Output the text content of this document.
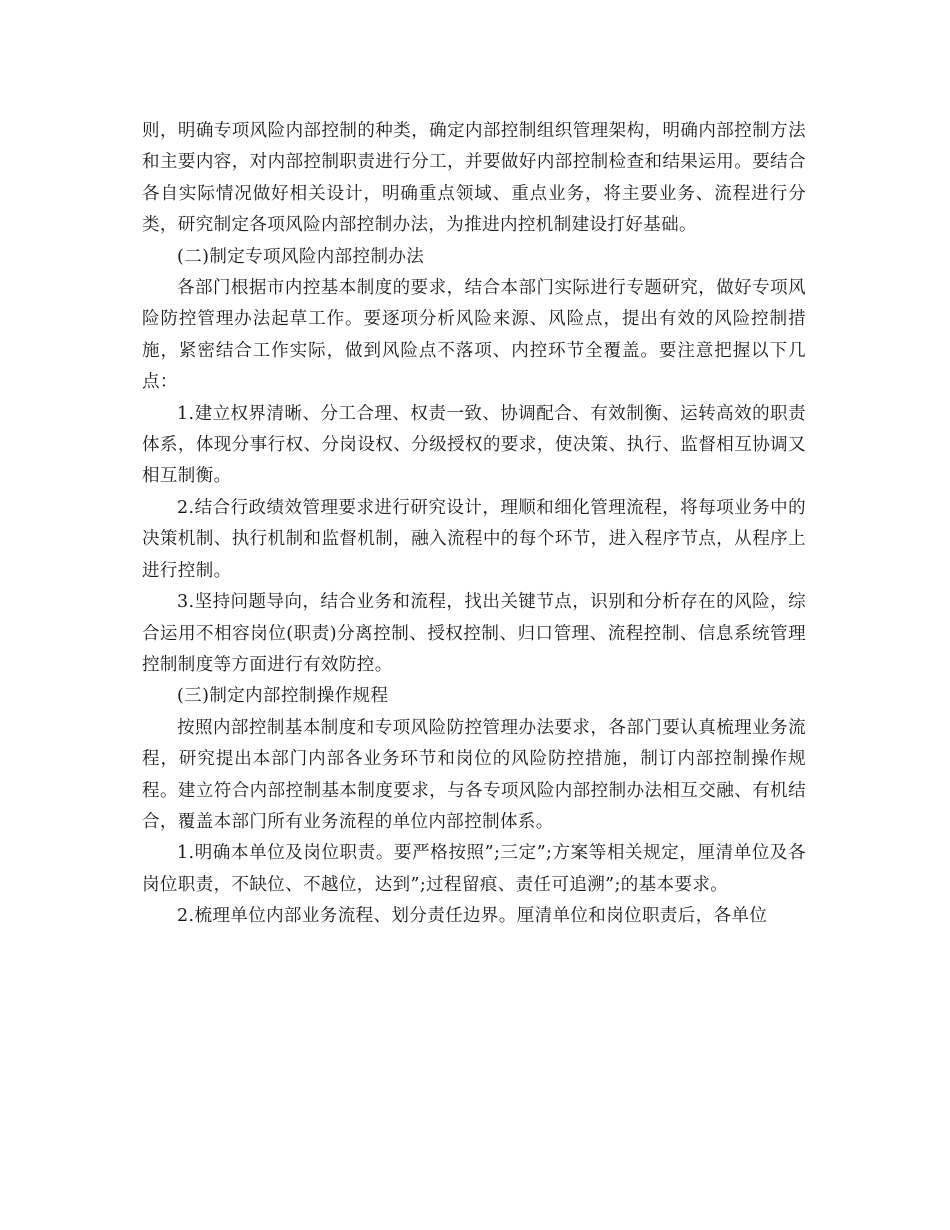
则，明确专项风险内部控制的种类，确定内部控制组织管理架构，明确内部控制方法和主要内容，对内部控制职责进行分工，并要做好内部控制检查和结果运用。要结合各自实际情况做好相关设计，明确重点领域、重点业务，将主要业务、流程进行分类，研究制定各项风险内部控制办法，为推进内控机制建设打好基础。

(二)制定专项风险内部控制办法

各部门根据市内控基本制度的要求，结合本部门实际进行专题研究，做好专项风险防控管理办法起草工作。要逐项分析风险来源、风险点，提出有效的风险控制措施，紧密结合工作实际，做到风险点不落项、内控环节全覆盖。要注意把握以下几点：

1.建立权界清晰、分工合理、权责一致、协调配合、有效制衡、运转高效的职责体系，体现分事行权、分岗设权、分级授权的要求，使决策、执行、监督相互协调又相互制衡。

2.结合行政绩效管理要求进行研究设计，理顺和细化管理流程，将每项业务中的决策机制、执行机制和监督机制，融入流程中的每个环节，进入程序节点，从程序上进行控制。

3.坚持问题导向，结合业务和流程，找出关键节点，识别和分析存在的风险，综合运用不相容岗位(职责)分离控制、授权控制、归口管理、流程控制、信息系统管理控制制度等方面进行有效防控。

(三)制定内部控制操作规程

按照内部控制基本制度和专项风险防控管理办法要求，各部门要认真梳理业务流程，研究提出本部门内部各业务环节和岗位的风险防控措施，制订内部控制操作规程。建立符合内部控制基本制度要求，与各专项风险内部控制办法相互交融、有机结合，覆盖本部门所有业务流程的单位内部控制体系。

1.明确本单位及岗位职责。要严格按照”;三定”;方案等相关规定，厘清单位及各岗位职责，不缺位、不越位，达到”;过程留痕、责任可追溯”;的基本要求。

2.梳理单位内部业务流程、划分责任边界。厘清单位和岗位职责后，各单位
